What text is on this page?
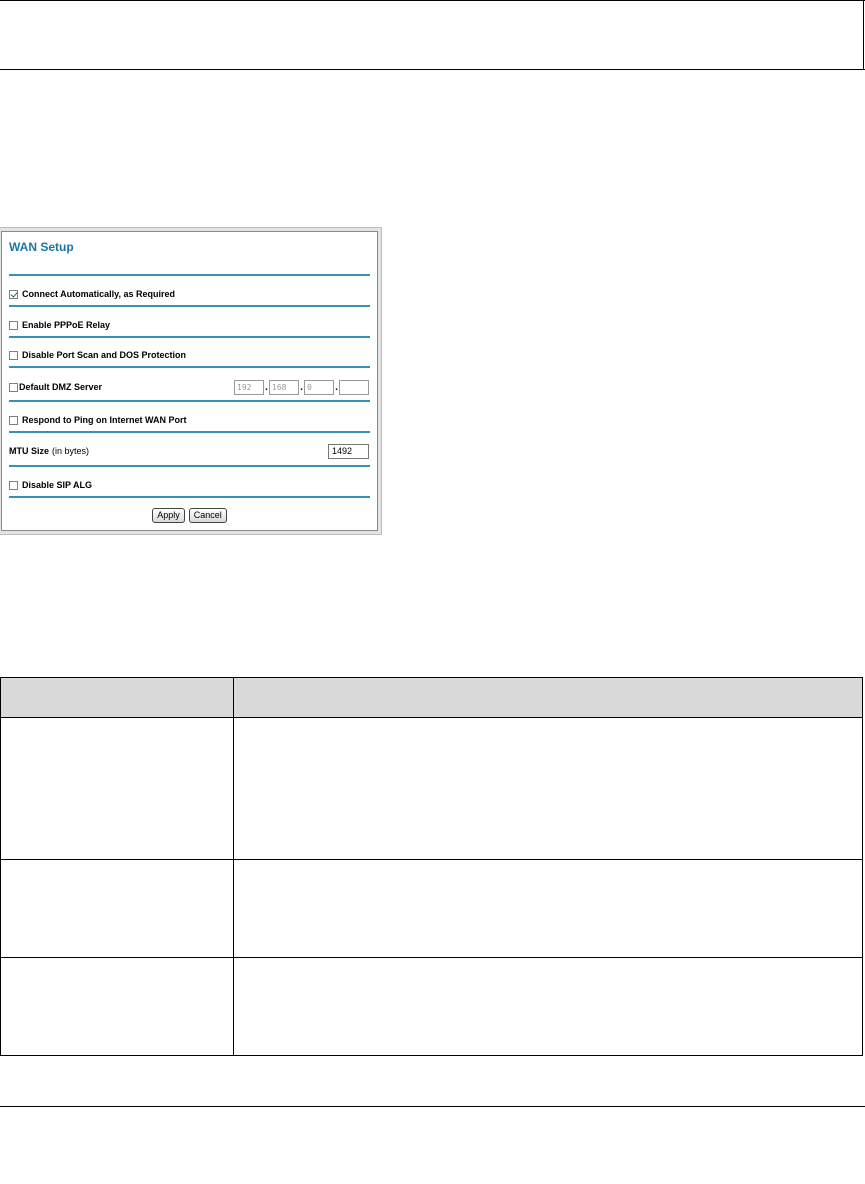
WAN Setup
Connect Automatically, as Required
Enable PPPoE Relay
Disable Port Scan and DOS Protection
Default DMZ Server	192	. 168	. 0	.
Respond to Ping on Internet WAN Port
MTU Size (in bytes)	1492
Disable SIP ALG
Apply	Cancel
